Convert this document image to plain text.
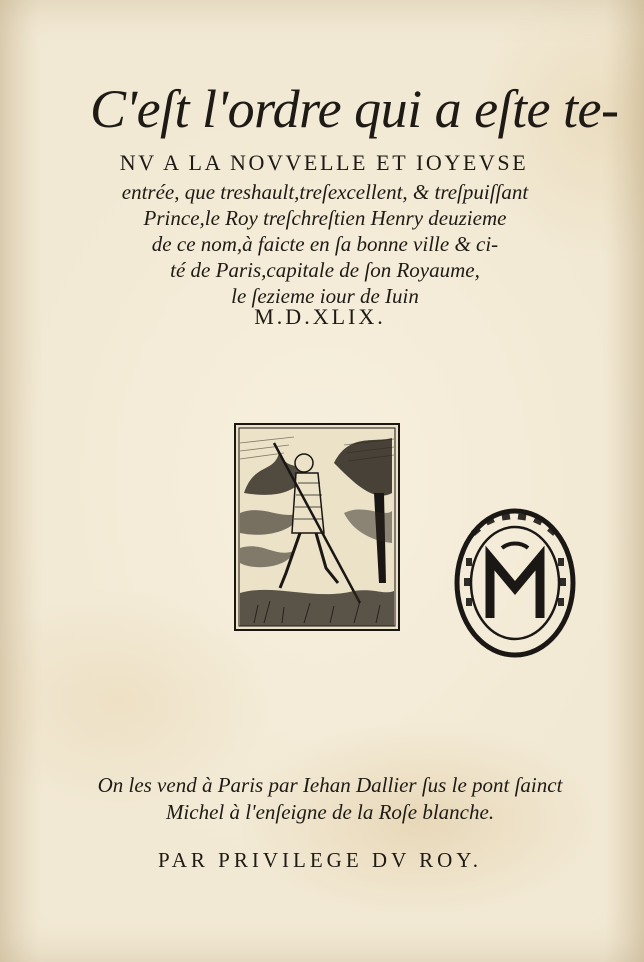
C'eſt l'ordre qui a eſte te-

NV A LA NOVVELLE ET IOYEVSE

entrée, que treshault,treſexcellent, & treſpuiſſant

Prince,le Roy treſchreſtien Henry deuzieme

de ce nom,à faicte en ſa bonne ville & ci-

té de Paris,capitale de ſon Royaume,

le ſezieme iour de Iuin

M.D.XLIX.

On les vend à Paris par Iehan Dallier ſus le pont ſainct

Michel à l'enſeigne de la Roſe blanche.

PAR PRIVILEGE DV ROY.
